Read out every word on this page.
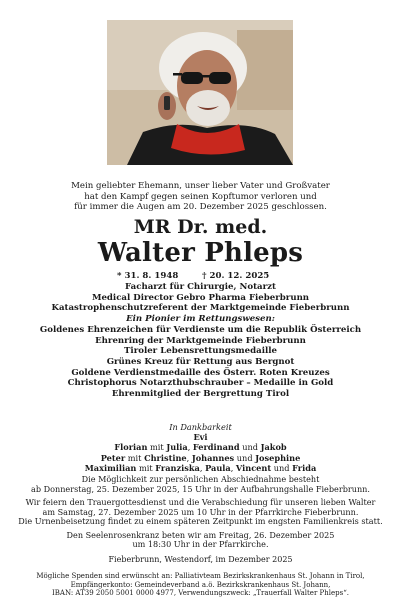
Mein geliebter Ehemann, unser lieber Vater und Großvater
hat den Kampf gegen seinen Kopftumor verloren und
für immer die Augen am 20. Dezember 2025 geschlossen.
MR Dr. med.
Walter Phleps
* 31. 8. 1948	† 20. 12. 2025
Facharzt für Chirurgie, Notarzt
Medical Director Gebro Pharma Fieberbrunn
Katastrophenschutzreferent der Marktgemeinde Fieberbrunn
Ein Pionier im Rettungswesen:
Goldenes Ehrenzeichen für Verdienste um die Republik Österreich
Ehrenring der Marktgemeinde Fieberbrunn
Tiroler Lebensrettungsmedaille
Grünes Kreuz für Rettung aus Bergnot
Goldene Verdienstmedaille des Österr. Roten Kreuzes
Christophorus Notarzthubschrauber – Medaille in Gold
Ehrenmitglied der Bergrettung Tirol
In Dankbarkeit
Evi
Florian mit Julia, Ferdinand und Jakob
Peter mit Christine, Johannes und Josephine
Maximilian mit Franziska, Paula, Vincent und Frida
Die Möglichkeit zur persönlichen Abschiednahme besteht
ab Donnerstag, 25. Dezember 2025, 15 Uhr in der Aufbahrungshalle Fieberbrunn.
Wir feiern den Trauergottesdienst und die Verabschiedung für unseren lieben Walter
am Samstag, 27. Dezember 2025 um 10 Uhr in der Pfarrkirche Fieberbrunn.
Die Urnenbeisetzung findet zu einem späteren Zeitpunkt im engsten Familienkreis statt.
Den Seelenrosenkranz beten wir am Freitag, 26. Dezember 2025
um 18:30 Uhr in der Pfarrkirche.
Fieberbrunn, Westendorf, im Dezember 2025
Mögliche Spenden sind erwünscht an: Palliativteam Bezirkskrankenhaus St. Johann in Tirol,
Empfängerkonto: Gemeindeverband a.ö. Bezirkskrankenhaus St. Johann,
IBAN: AT39 2050 5001 0000 4977, Verwendungszweck: „Trauerfall Walter Phleps“.
